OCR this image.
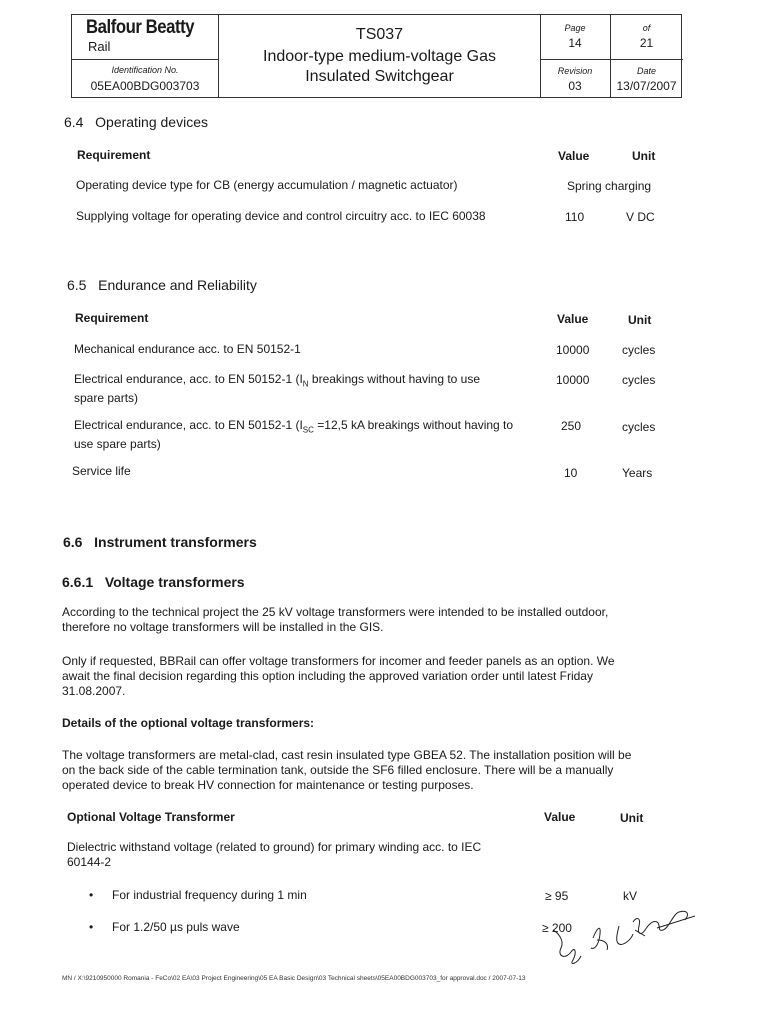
Balfour Beatty
Rail
Identification No.
05EA00BDG003703
TS037
Indoor-type medium-voltage Gas
Insulated Switchgear
Page
14
of
21
Revision
03
Date
13/07/2007
6.4 Operating devices
Requirement	Value	Unit
Operating device type for CB (energy accumulation / magnetic actuator)	Spring charging
Supplying voltage for operating device and control circuitry acc. to IEC 60038	110	V DC
6.5 Endurance and Reliability
Requirement	Value	Unit
Mechanical endurance acc. to EN 50152-1	10000	cycles
Electrical endurance, acc. to EN 50152-1 ($I_N$ breakings without having to use
spare parts)
10000	cycles
Electrical endurance, acc. to EN 50152-1 ($I_{SC} =12,5$ kA breakings without having to
use spare parts)
250	cycles
Service life	10	Years
6.6 Instrument transformers
6.6.1 Voltage transformers

According to the technical project the 25 kV voltage transformers were intended to be installed outdoor,
therefore no voltage transformers will be installed in the GIS.

Only if requested, BBRail can offer voltage transformers for incomer and feeder panels as an option. We
await the final decision regarding this option including the approved variation order until latest Friday
31.08.2007.

Details of the optional voltage transformers:

The voltage transformers are metal-clad, cast resin insulated type GBEA 52. The installation position will be
on the back side of the cable termination tank, outside the SF6 filled enclosure. There will be a manually
operated device to break HV connection for maintenance or testing purposes.

Optional Voltage Transformer	Value	Unit
Dielectric withstand voltage (related to ground) for primary winding acc. to IEC
60144-2
• For industrial frequency during 1 min	≥ 95	kV
• For 1.2/50 µs puls wave	≥ 200
MN / X:\9210950000 Romania - FeCo\02 EA\03 Project Engineering\05 EA Basic Design\03 Technical sheets\05EA00BDG003703_for approval.doc / 2007-07-13
